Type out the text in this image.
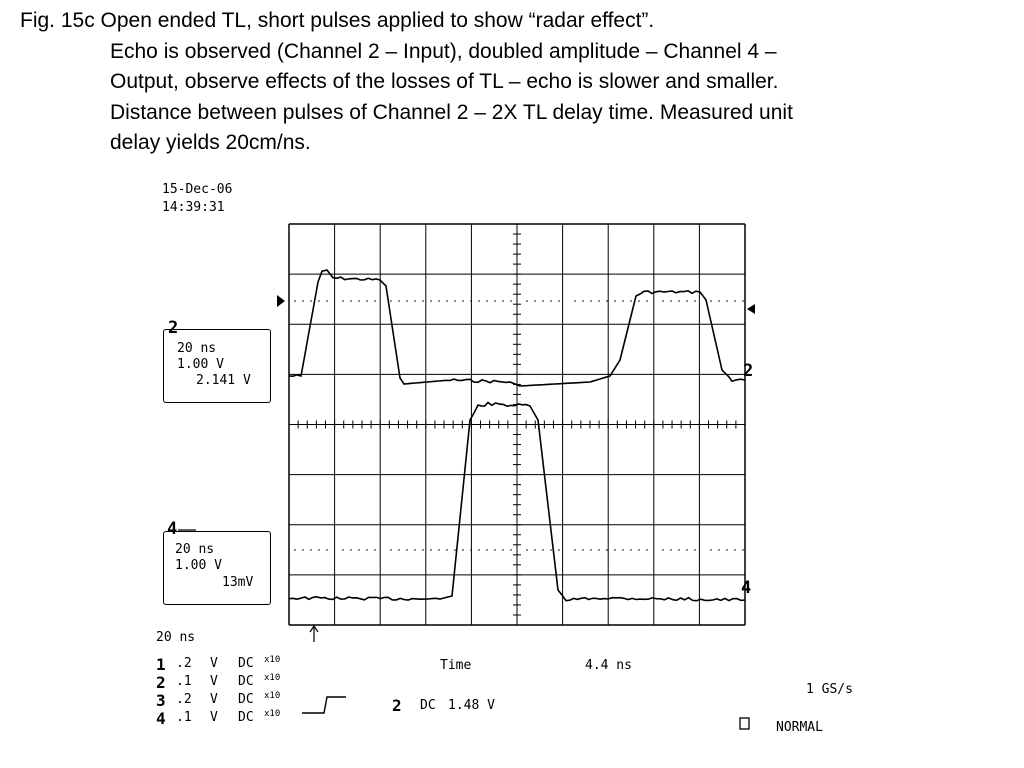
Fig. 15c Open ended TL, short pulses applied to show “radar effect”.
Echo is observed (Channel 2 – Input), doubled amplitude – Channel 4 –
Output, observe effects of the losses of TL – echo is slower and smaller.
Distance between pulses of Channel 2 – 2X TL delay time. Measured unit
delay yields 20cm/ns.
15-Dec-06
14:39:31
20 ns
1.00 V
2.141 V
2
20 ns
1.00 V
13mV
4
2
4
20 ns
1 .2 V DC x10
2 .1 V DC x10
3 .2 V DC x10
4 .1 V DC x10
Time	4.4 ns
1 GS/s
2 DC 1.48 V
NORMAL
